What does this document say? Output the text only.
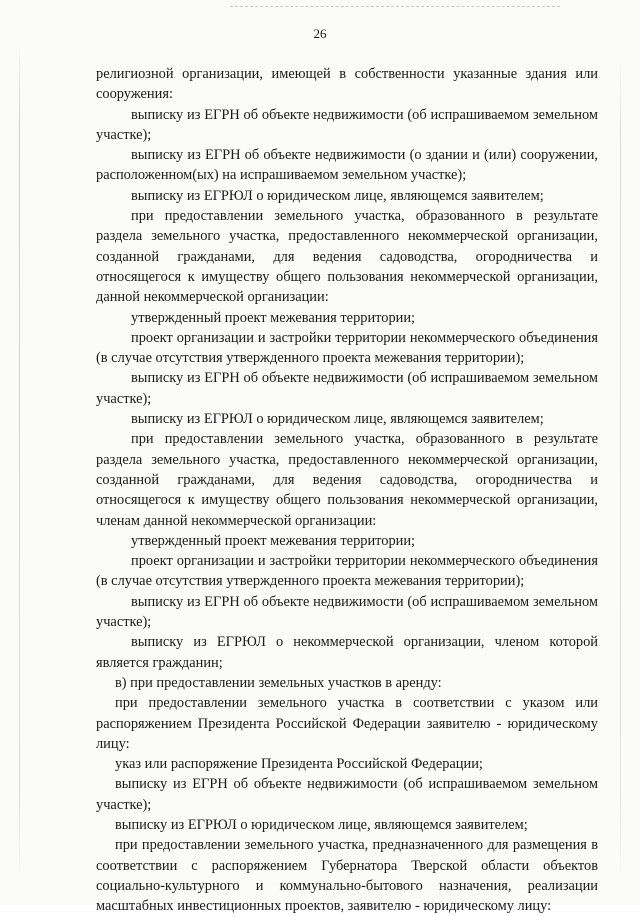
26

религиозной организации, имеющей в собственности указанные здания или сооружения:

выписку из ЕГРН об объекте недвижимости (об испрашиваемом земельном участке);

выписку из ЕГРН об объекте недвижимости (о здании и (или) сооружении, расположенном(ых) на испрашиваемом земельном участке);

выписку из ЕГРЮЛ о юридическом лице, являющемся заявителем;

при предоставлении земельного участка, образованного в результате раздела земельного участка, предоставленного некоммерческой организации, созданной гражданами, для ведения садоводства, огородничества и относящегося к имуществу общего пользования некоммерческой организации, данной некоммерческой организации:

утвержденный проект межевания территории;

проект организации и застройки территории некоммерческого объединения (в случае отсутствия утвержденного проекта межевания территории);

выписку из ЕГРН об объекте недвижимости (об испрашиваемом земельном участке);

выписку из ЕГРЮЛ о юридическом лице, являющемся заявителем;

при предоставлении земельного участка, образованного в результате раздела земельного участка, предоставленного некоммерческой организации, созданной гражданами, для ведения садоводства, огородничества и относящегося к имуществу общего пользования некоммерческой организации, членам данной некоммерческой организации:

утвержденный проект межевания территории;

проект организации и застройки территории некоммерческого объединения (в случае отсутствия утвержденного проекта межевания территории);

выписку из ЕГРН об объекте недвижимости (об испрашиваемом земельном участке);

выписку из ЕГРЮЛ о некоммерческой организации, членом которой является гражданин;

в) при предоставлении земельных участков в аренду:

при предоставлении земельного участка в соответствии с указом или распоряжением Президента Российской Федерации заявителю - юридическому лицу:

указ или распоряжение Президента Российской Федерации;

выписку из ЕГРН об объекте недвижимости (об испрашиваемом земельном участке);

выписку из ЕГРЮЛ о юридическом лице, являющемся заявителем;

при предоставлении земельного участка, предназначенного для размещения в соответствии с распоряжением Губернатора Тверской области объектов социально-культурного и коммунально-бытового назначения, реализации масштабных инвестиционных проектов, заявителю - юридическому лицу:
